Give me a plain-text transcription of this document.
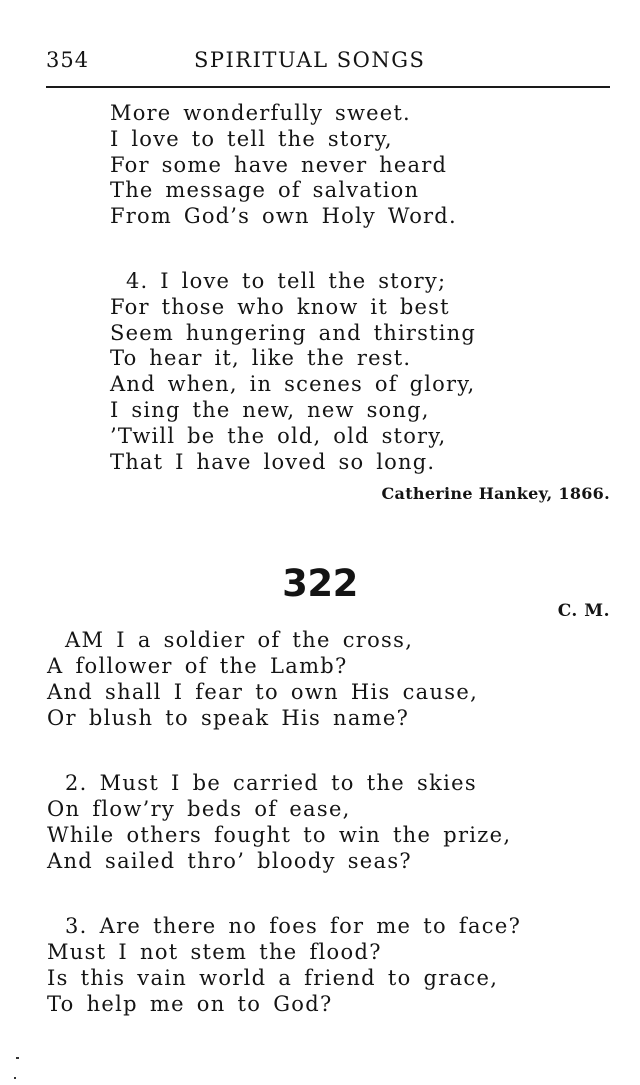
354	SPIRITUAL SONGS
More wonderfully sweet.
I love to tell the story,
For some have never heard
The message of salvation
From God’s own Holy Word.
4. I love to tell the story;
For those who know it best
Seem hungering and thirsting
To hear it, like the rest.
And when, in scenes of glory,
I sing the new, new song,
’Twill be the old, old story,
That I have loved so long.
Catherine Hankey, 1866.
322
C. M.
AM I a soldier of the cross,
A follower of the Lamb?
And shall I fear to own His cause,
Or blush to speak His name?
2. Must I be carried to the skies
On flow’ry beds of ease,
While others fought to win the prize,
And sailed thro’ bloody seas?
3. Are there no foes for me to face?
Must I not stem the flood?
Is this vain world a friend to grace,
To help me on to God?
